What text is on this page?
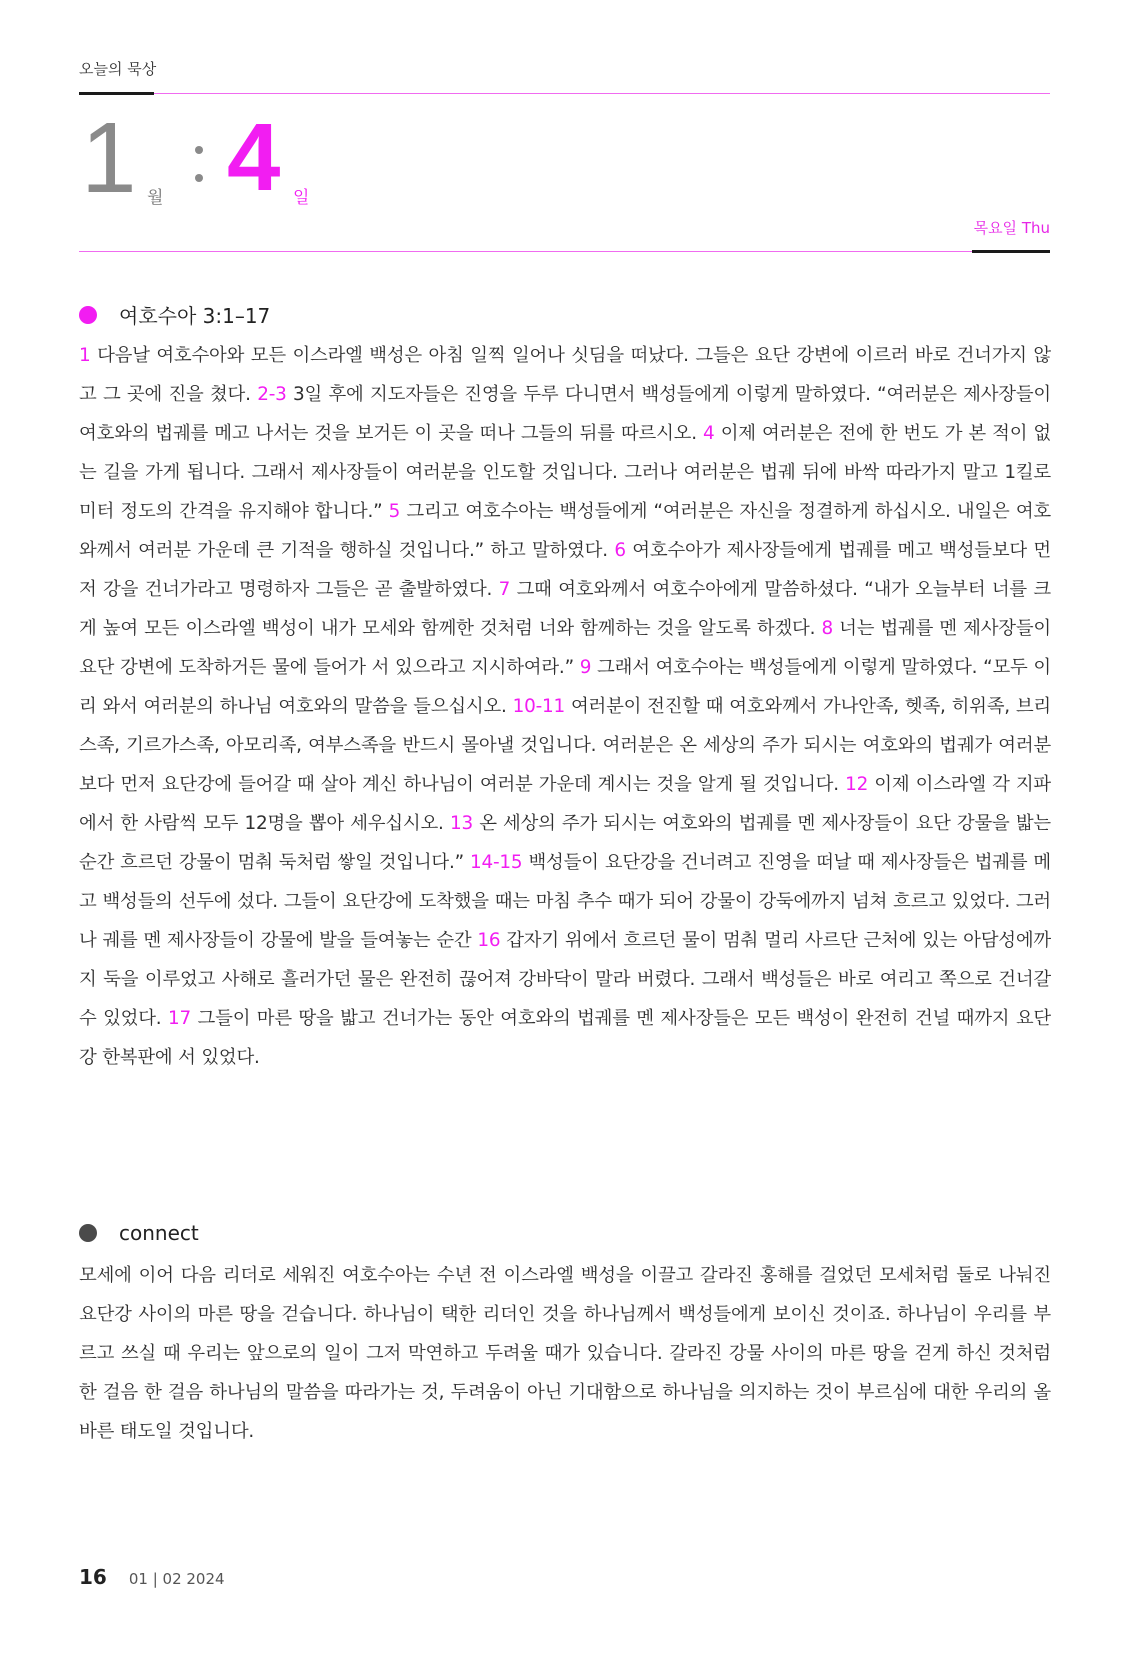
오늘의 묵상
1 월 4 일
목요일 Thu
여호수아 3:1–17
1 다음날 여호수아와 모든 이스라엘 백성은 아침 일찍 일어나 싯딤을 떠났다. 그들은 요단 강변에 이르러 바로 건너가지 않고 그 곳에 진을 쳤다. 2-3 3일 후에 지도자들은 진영을 두루 다니면서 백성들에게 이렇게 말하였다. “여러분은 제사장들이 여호와의 법궤를 메고 나서는 것을 보거든 이 곳을 떠나 그들의 뒤를 따르시오. 4 이제 여러분은 전에 한 번도 가 본 적이 없는 길을 가게 됩니다. 그래서 제사장들이 여러분을 인도할 것입니다. 그러나 여러분은 법궤 뒤에 바싹 따라가지 말고 1킬로미터 정도의 간격을 유지해야 합니다.” 5 그리고 여호수아는 백성들에게 “여러분은 자신을 정결하게 하십시오. 내일은 여호와께서 여러분 가운데 큰 기적을 행하실 것입니다.” 하고 말하였다. 6 여호수아가 제사장들에게 법궤를 메고 백성들보다 먼저 강을 건너가라고 명령하자 그들은 곧 출발하였다. 7 그때 여호와께서 여호수아에게 말씀하셨다. “내가 오늘부터 너를 크게 높여 모든 이스라엘 백성이 내가 모세와 함께한 것처럼 너와 함께하는 것을 알도록 하겠다. 8 너는 법궤를 멘 제사장들이 요단 강변에 도착하거든 물에 들어가 서 있으라고 지시하여라.” 9 그래서 여호수아는 백성들에게 이렇게 말하였다. “모두 이리 와서 여러분의 하나님 여호와의 말씀을 들으십시오. 10-11 여러분이 전진할 때 여호와께서 가나안족, 헷족, 히위족, 브리스족, 기르가스족, 아모리족, 여부스족을 반드시 몰아낼 것입니다. 여러분은 온 세상의 주가 되시는 여호와의 법궤가 여러분보다 먼저 요단강에 들어갈 때 살아 계신 하나님이 여러분 가운데 계시는 것을 알게 될 것입니다. 12 이제 이스라엘 각 지파에서 한 사람씩 모두 12명을 뽑아 세우십시오. 13 온 세상의 주가 되시는 여호와의 법궤를 멘 제사장들이 요단 강물을 밟는 순간 흐르던 강물이 멈춰 둑처럼 쌓일 것입니다.” 14-15 백성들이 요단강을 건너려고 진영을 떠날 때 제사장들은 법궤를 메고 백성들의 선두에 섰다. 그들이 요단강에 도착했을 때는 마침 추수 때가 되어 강물이 강둑에까지 넘쳐 흐르고 있었다. 그러나 궤를 멘 제사장들이 강물에 발을 들여놓는 순간 16 갑자기 위에서 흐르던 물이 멈춰 멀리 사르단 근처에 있는 아담성에까지 둑을 이루었고 사해로 흘러가던 물은 완전히 끊어져 강바닥이 말라 버렸다. 그래서 백성들은 바로 여리고 쪽으로 건너갈 수 있었다. 17 그들이 마른 땅을 밟고 건너가는 동안 여호와의 법궤를 멘 제사장들은 모든 백성이 완전히 건널 때까지 요단강 한복판에 서 있었다.
connect
모세에 이어 다음 리더로 세워진 여호수아는 수년 전 이스라엘 백성을 이끌고 갈라진 홍해를 걸었던 모세처럼 둘로 나눠진 요단강 사이의 마른 땅을 걷습니다. 하나님이 택한 리더인 것을 하나님께서 백성들에게 보이신 것이죠. 하나님이 우리를 부르고 쓰실 때 우리는 앞으로의 일이 그저 막연하고 두려울 때가 있습니다. 갈라진 강물 사이의 마른 땅을 걷게 하신 것처럼 한 걸음 한 걸음 하나님의 말씀을 따라가는 것, 두려움이 아닌 기대함으로 하나님을 의지하는 것이 부르심에 대한 우리의 올바른 태도일 것입니다.
16 01 | 02 2024
